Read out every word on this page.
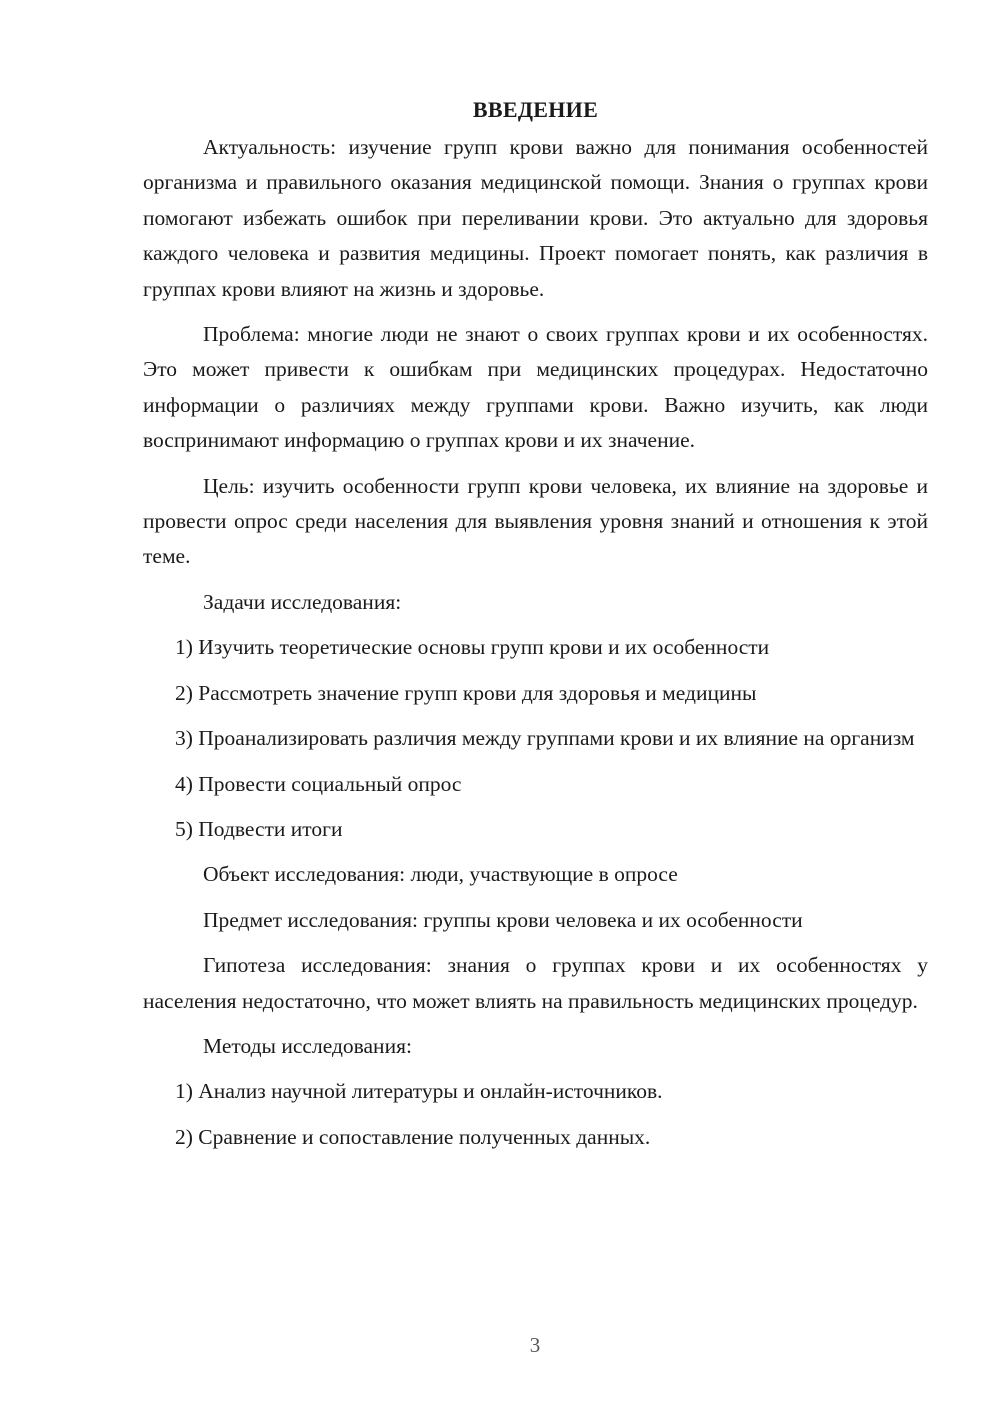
ВВЕДЕНИЕ

Актуальность: изучение групп крови важно для понимания особенностей организма и правильного оказания медицинской помощи. Знания о группах крови помогают избежать ошибок при переливании крови. Это актуально для здоровья каждого человека и развития медицины. Проект помогает понять, как различия в группах крови влияют на жизнь и здоровье.

Проблема: многие люди не знают о своих группах крови и их особенностях. Это может привести к ошибкам при медицинских процедурах. Недостаточно информации о различиях между группами крови. Важно изучить, как люди воспринимают информацию о группах крови и их значение.

Цель: изучить особенности групп крови человека, их влияние на здоровье и провести опрос среди населения для выявления уровня знаний и отношения к этой теме.

Задачи исследования:

1) Изучить теоретические основы групп крови и их особенности

2) Рассмотреть значение групп крови для здоровья и медицины

3) Проанализировать различия между группами крови и их влияние на организм

4) Провести социальный опрос

5) Подвести итоги

Объект исследования: люди, участвующие в опросе

Предмет исследования: группы крови человека и их особенности

Гипотеза исследования: знания о группах крови и их особенностях у населения недостаточно, что может влиять на правильность медицинских процедур.

Методы исследования:

1) Анализ научной литературы и онлайн-источников.

2) Сравнение и сопоставление полученных данных.

3
